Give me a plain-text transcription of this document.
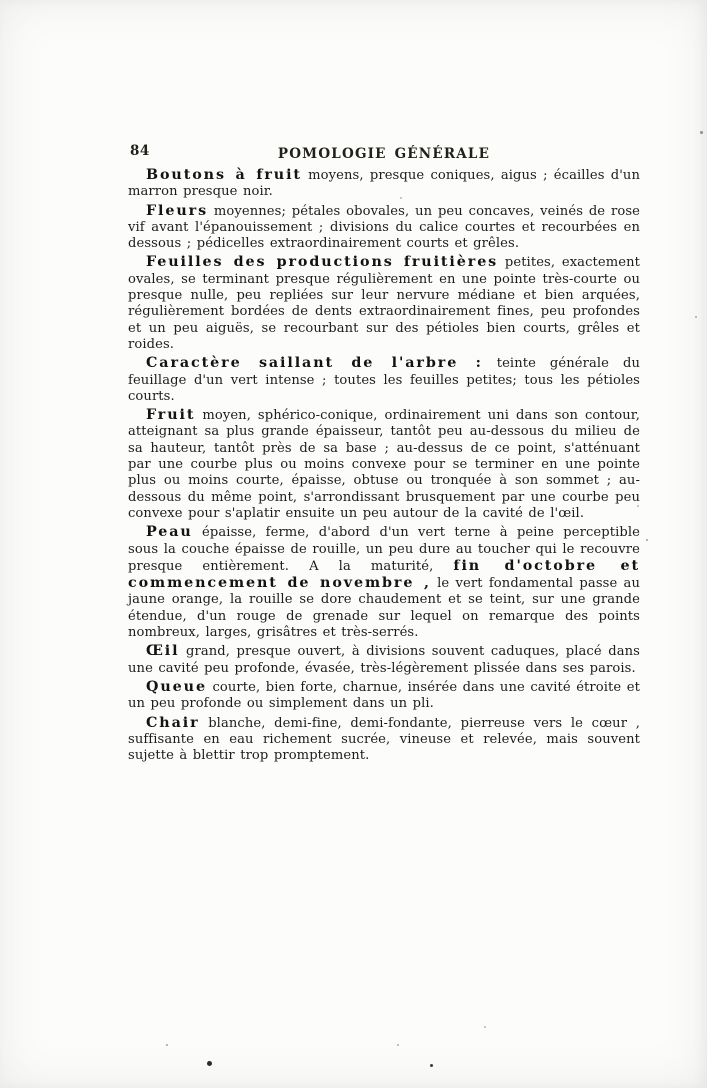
84	POMOLOGIE GÉNÉRALE

Boutons à fruit moyens, presque coniques, aigus ; écailles d'un marron presque noir.

Fleurs moyennes; pétales obovales, un peu concaves, veinés de rose vif avant l'épanouissement ; divisions du calice courtes et recourbées en dessous ; pédicelles extraordinairement courts et grêles.

Feuilles des productions fruitières petites, exactement ovales, se terminant presque régulièrement en une pointe très-courte ou presque nulle, peu repliées sur leur nervure médiane et bien arquées, régulièrement bordées de dents extraordinairement fines, peu profondes et un peu aiguës, se recourbant sur des pétioles bien courts, grêles et roides.

Caractère saillant de l'arbre : teinte générale du feuillage d'un vert intense ; toutes les feuilles petites; tous les pétioles courts.

Fruit moyen, sphérico-conique, ordinairement uni dans son contour, atteignant sa plus grande épaisseur, tantôt peu au-dessous du milieu de sa hauteur, tantôt près de sa base ; au-dessus de ce point, s'atténuant par une courbe plus ou moins convexe pour se terminer en une pointe plus ou moins courte, épaisse, obtuse ou tronquée à son sommet ; au-dessous du même point, s'arrondissant brusquement par une courbe peu convexe pour s'aplatir ensuite un peu autour de la cavité de l'œil.

Peau épaisse, ferme, d'abord d'un vert terne à peine perceptible sous la couche épaisse de rouille, un peu dure au toucher qui le recouvre presque entièrement. A la maturité, fin d'octobre et commencement de novembre , le vert fondamental passe au jaune orange, la rouille se dore chaudement et se teint, sur une grande étendue, d'un rouge de grenade sur lequel on remarque des points nombreux, larges, grisâtres et très-serrés.

Œil grand, presque ouvert, à divisions souvent caduques, placé dans une cavité peu profonde, évasée, très-légèrement plissée dans ses parois.

Queue courte, bien forte, charnue, insérée dans une cavité étroite et un peu profonde ou simplement dans un pli.

Chair blanche, demi-fine, demi-fondante, pierreuse vers le cœur , suffisante en eau richement sucrée, vineuse et relevée, mais souvent sujette à blettir trop promptement.
